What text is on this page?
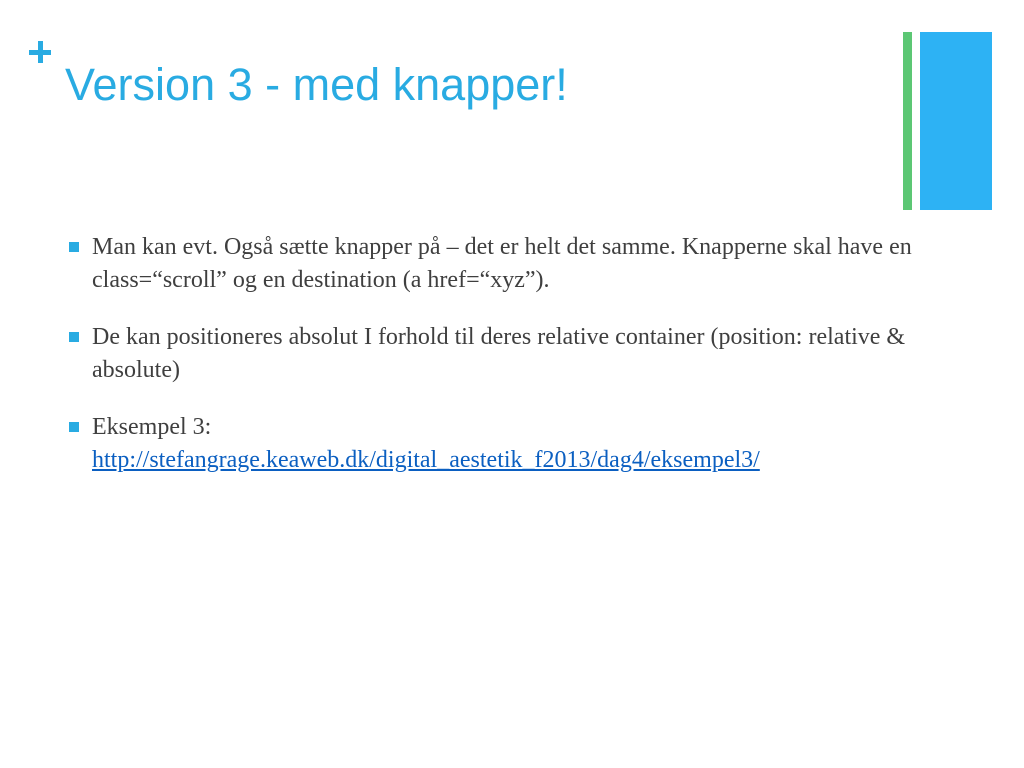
Version 3 - med knapper!
Man kan evt. Også sætte knapper på – det er helt det samme. Knapperne skal have en class=“scroll” og en destination (a href=“xyz”).
De kan positioneres absolut I forhold til deres relative container (position: relative & absolute)
Eksempel 3:
http://stefangrage.keaweb.dk/digital_aestetik_f2013/dag4/eksempel3/
